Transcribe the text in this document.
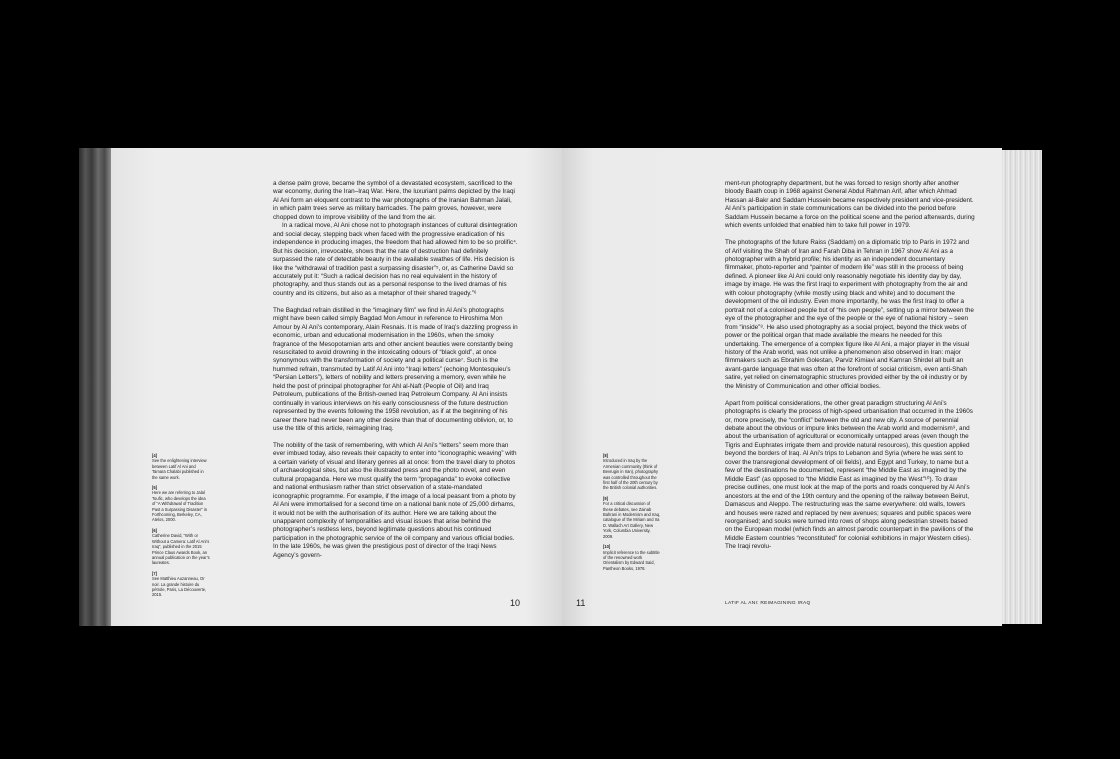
a dense palm grove, became the symbol of a devastated ecosystem, sacrificed to the war economy, during the Iran–Iraq War. Here, the luxuriant palms depicted by the Iraqi Al Ani form an eloquent contrast to the war photographs of the Iranian Bahman Jalali, in which palm trees serve as military barricades. The palm groves, however, were chopped down to improve visibility of the land from the air.

In a radical move, Al Ani chose not to photograph instances of cultural disintegration and social decay, stepping back when faced with the progressive eradication of his independence in producing images, the freedom that had allowed him to be so prolific⁴. But his decision, irrevocable, shows that the rate of destruction had definitely surpassed the rate of detectable beauty in the available swathes of life. His decision is like the “withdrawal of tradition past a surpassing disaster”⁵, or, as Catherine David so accurately put it: “Such a radical decision has no real equivalent in the history of photography, and thus stands out as a personal response to the lived dramas of his country and its citizens, but also as a metaphor of their shared tragedy.”⁶

The Baghdad refrain distilled in the “imaginary film” we find in Al Ani’s photographs might have been called simply Bagdad Mon Amour in reference to Hiroshima Mon Amour by Al Ani’s contemporary, Alain Resnais. It is made of Iraq’s dazzling progress in economic, urban and educational modernisation in the 1960s, when the smoky fragrance of the Mesopotamian arts and other ancient beauties were constantly being resuscitated to avoid drowning in the intoxicating odours of “black gold”, at once synonymous with the transformation of society and a political curse⁷. Such is the hummed refrain, transmuted by Latif Al Ani into “Iraqi letters” (echoing Montesquieu’s “Persian Letters”), letters of nobility and letters preserving a memory, even while he held the post of principal photographer for Ahl al-Naft (People of Oil) and Iraq Petroleum, publications of the British-owned Iraq Petroleum Company. Al Ani insists continually in various interviews on his early consciousness of the future destruction represented by the events following the 1958 revolution, as if at the beginning of his career there had never been any other desire than that of documenting oblivion, or, to use the title of this article, reimagining Iraq.

The nobility of the task of remembering, with which Al Ani’s “letters” seem more than ever imbued today, also reveals their capacity to enter into “iconographic weaving” with a certain variety of visual and literary genres all at once: from the travel diary to photos of archaeological sites, but also the illustrated press and the photo novel, and even cultural propaganda. Here we must qualify the term “propaganda” to evoke collective and national enthusiasm rather than strict observation of a state-mandated iconographic programme. For example, if the image of a local peasant from a photo by Al Ani were immortalised for a second time on a national bank note of 25,000 dirhams, it would not be with the authorisation of its author. Here we are talking about the unapparent complexity of temporalities and visual issues that arise behind the photographer’s restless lens, beyond legitimate questions about his continued participation in the photographic service of the oil company and various official bodies. In the late 1960s, he was given the prestigious post of director of the Iraqi News Agency’s govern-

[4]
See the enlightening interview between Latif Al Ani and Tamara Chalabi published in the same work.
[5]
Here we are referring to Jalal Toufic, who develops the idea of “A Withdrawal of Tradition Past a Surpassing Disaster” in Forthcoming, Berkeley, CA, Atelos, 2000.
[6]
Catherine David, “With or Without a Camera: Latif Al Ani’s Iraq”, published in the 2015 Prince Claus Awards Book, an annual publication on the year’s laureates.
[7]
See Matthieu Auzanneau, Or noir. La grande histoire du pétrole, Paris, La Découverte, 2015.
10

ment-run photography department, but he was forced to resign shortly after another bloody Baath coup in 1968 against General Abdul Rahman Arif, after which Ahmad Hassan al-Bakr and Saddam Hussein became respectively president and vice-president. Al Ani’s participation in state communications can be divided into the period before Saddam Hussein became a force on the political scene and the period afterwards, during which events unfolded that enabled him to take full power in 1979.

The photographs of the future Raiss (Saddam) on a diplomatic trip to Paris in 1972 and of Arif visiting the Shah of Iran and Farah Diba in Tehran in 1967 show Al Ani as a photographer with a hybrid profile; his identity as an independent documentary filmmaker, photo-reporter and “painter of modern life” was still in the process of being defined. A pioneer like Al Ani could only reasonably negotiate his identity day by day, image by image. He was the first Iraqi to experiment with photography from the air and with colour photography (while mostly using black and white) and to document the development of the oil industry. Even more importantly, he was the first Iraqi to offer a portrait not of a colonised people but of “his own people”, setting up a mirror between the eye of the photographer and the eye of the people or the eye of national history – seen from “inside”⁸. He also used photography as a social project, beyond the thick webs of power or the political organ that made available the means he needed for this undertaking. The emergence of a complex figure like Al Ani, a major player in the visual history of the Arab world, was not unlike a phenomenon also observed in Iran: major filmmakers such as Ebrahim Golestan, Parviz Kimiavi and Kamran Shirdel all built an avant-garde language that was often at the forefront of social criticism, even anti-Shah satire, yet relied on cinematographic structures provided either by the oil industry or by the Ministry of Communication and other official bodies.

Apart from political considerations, the other great paradigm structuring Al Ani’s photographs is clearly the process of high-speed urbanisation that occurred in the 1960s or, more precisely, the “conflict” between the old and new city. A source of perennial debate about the obvious or impure links between the Arab world and modernism⁹, and about the urbanisation of agricultural or economically untapped areas (even though the Tigris and Euphrates irrigate them and provide natural resources), this question applied beyond the borders of Iraq. Al Ani’s trips to Lebanon and Syria (where he was sent to cover the transregional development of oil fields), and Egypt and Turkey, to name but a few of the destinations he documented, represent “the Middle East as imagined by the Middle East” (as opposed to “the Middle East as imagined by the West”¹⁰). To draw precise outlines, one must look at the map of the ports and roads conquered by Al Ani’s ancestors at the end of the 19th century and the opening of the railway between Beirut, Damascus and Aleppo. The restructuring was the same everywhere: old walls, towers and houses were razed and replaced by new avenues; squares and public spaces were reorganised; and souks were turned into rows of shops along pedestrian streets based on the European model (which finds an almost parodic counterpart in the pavilions of the Middle Eastern countries “reconstituted” for colonial exhibitions in major Western cities). The Iraqi revolu-

[8]
Introduced in Iraq by the Armenian community (think of Bevrugin in Iran), photography was controlled throughout the first half of the 20th century by the British colonial authorities.
[9]
For a critical discussion of these debates, see Zainab Bahrani in Modernism and Iraq, catalogue of the Miriam and Ira D. Wallach Art Gallery, New York, Columbia University, 2009.
[10]
Implicit reference to the subtitle of the renowned work Orientalism by Edward Said, Pantheon Books, 1978.
11	LATIF AL ANI: REIMAGINING IRAQ
